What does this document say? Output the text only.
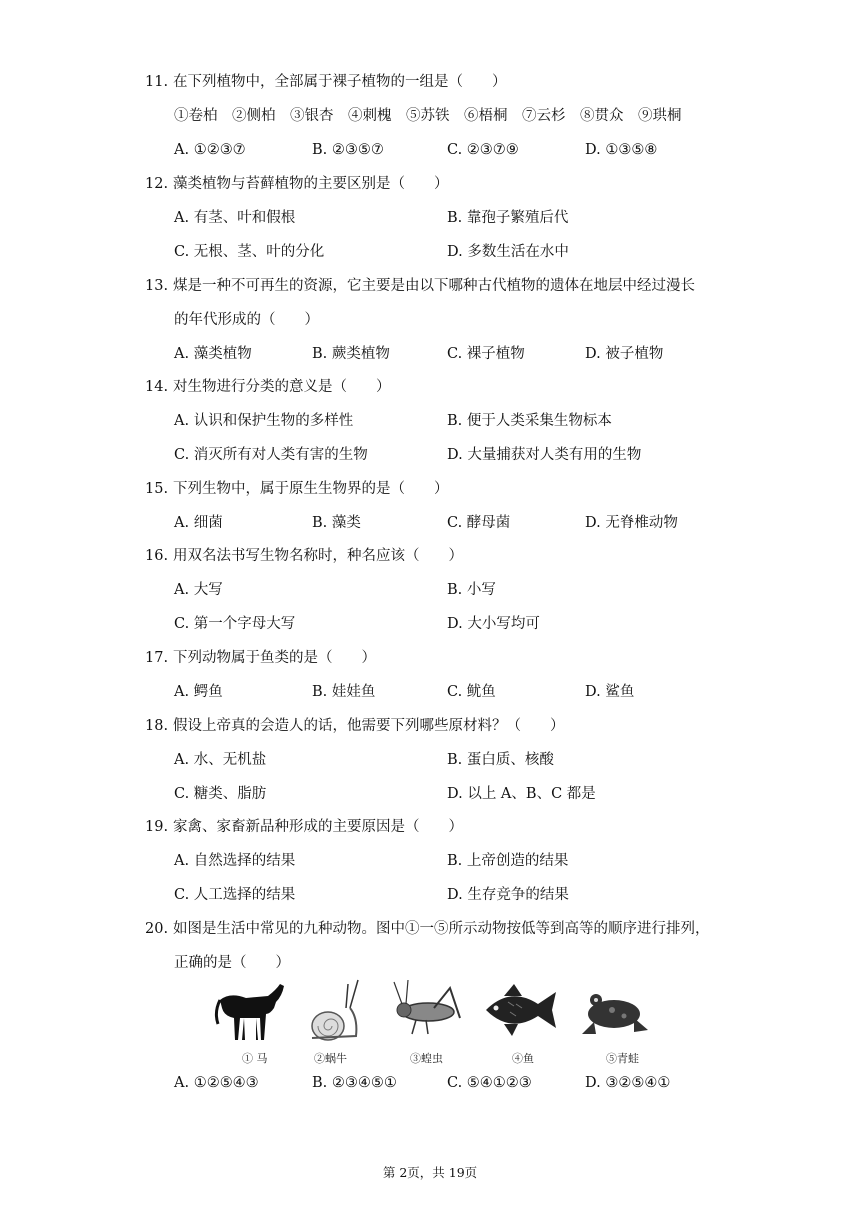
11. 在下列植物中，全部属于裸子植物的一组是（　　）
①卷柏　②侧柏　③银杏　④刺槐　⑤苏铁　⑥梧桐　⑦云杉　⑧贯众　⑨珙桐
A. ①②③⑦	B. ②③⑤⑦	C. ②③⑦⑨	D. ①③⑤⑧
12. 藻类植物与苔藓植物的主要区别是（　　）
A. 有茎、叶和假根	B. 靠孢子繁殖后代
C. 无根、茎、叶的分化	D. 多数生活在水中
13. 煤是一种不可再生的资源，它主要是由以下哪种古代植物的遗体在地层中经过漫长
的年代形成的（　　）
A. 藻类植物	B. 蕨类植物	C. 裸子植物	D. 被子植物
14. 对生物进行分类的意义是（　　）
A. 认识和保护生物的多样性	B. 便于人类采集生物标本
C. 消灭所有对人类有害的生物	D. 大量捕获对人类有用的生物
15. 下列生物中，属于原生生物界的是（　　）
A. 细菌	B. 藻类	C. 酵母菌	D. 无脊椎动物
16. 用双名法书写生物名称时，种名应该（　　）
A. 大写	B. 小写
C. 第一个字母大写	D. 大小写均可
17. 下列动物属于鱼类的是（　　）
A. 鳄鱼	B. 娃娃鱼	C. 鱿鱼	D. 鲨鱼
18. 假设上帝真的会造人的话，他需要下列哪些原材料？（　　）
A. 水、无机盐	B. 蛋白质、核酸
C. 糖类、脂肪	D. 以上 A、B、C 都是
19. 家禽、家畜新品种形成的主要原因是（　　）
A. 自然选择的结果	B. 上帝创造的结果
C. 人工选择的结果	D. 生存竞争的结果
20. 如图是生活中常见的九种动物。图中①一⑤所示动物按低等到高等的顺序进行排列，
正确的是（　　）
① 马	②蜗牛	③蝗虫	④鱼	⑤青蛙
A. ①②⑤④③	B. ②③④⑤①	C. ⑤④①②③	D. ③②⑤④①
第 2页，共 19页
